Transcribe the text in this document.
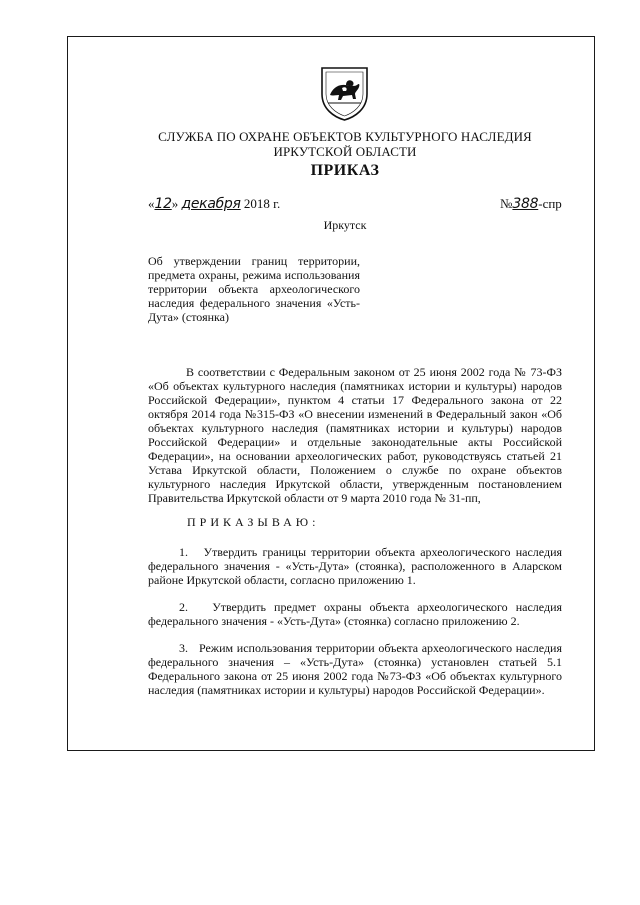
СЛУЖБА ПО ОХРАНЕ ОБЪЕКТОВ КУЛЬТУРНОГО НАСЛЕДИЯ
ИРКУТСКОЙ ОБЛАСТИ
ПРИКАЗ
«12» декабря 2018 г.	№388-спр
Иркутск
Об утверждении границ территории, предмета охраны, режима использования территории объекта археологического наследия федерального значения «Усть-Дута» (стоянка)
В соответствии с Федеральным законом от 25 июня 2002 года № 73-ФЗ «Об объектах культурного наследия (памятниках истории и культуры) народов Российской Федерации», пунктом 4 статьи 17 Федерального закона от 22 октября 2014 года №315-ФЗ «О внесении изменений в Федеральный закон «Об объектах культурного наследия (памятниках истории и культуры) народов Российской Федерации» и отдельные законодательные акты Российской Федерации», на основании археологических работ, руководствуясь статьей 21 Устава Иркутской области, Положением о службе по охране объектов культурного наследия Иркутской области, утвержденным постановлением Правительства Иркутской области от 9 марта 2010 года № 31-пп,
ПРИКАЗЫВАЮ:
1. Утвердить границы территории объекта археологического наследия федерального значения - «Усть-Дута» (стоянка), расположенного в Аларском районе Иркутской области, согласно приложению 1.
2. Утвердить предмет охраны объекта археологического наследия федерального значения - «Усть-Дута» (стоянка) согласно приложению 2.
3. Режим использования территории объекта археологического наследия федерального значения – «Усть-Дута» (стоянка) установлен статьей 5.1 Федерального закона от 25 июня 2002 года №73-ФЗ «Об объектах культурного наследия (памятниках истории и культуры) народов Российской Федерации».
